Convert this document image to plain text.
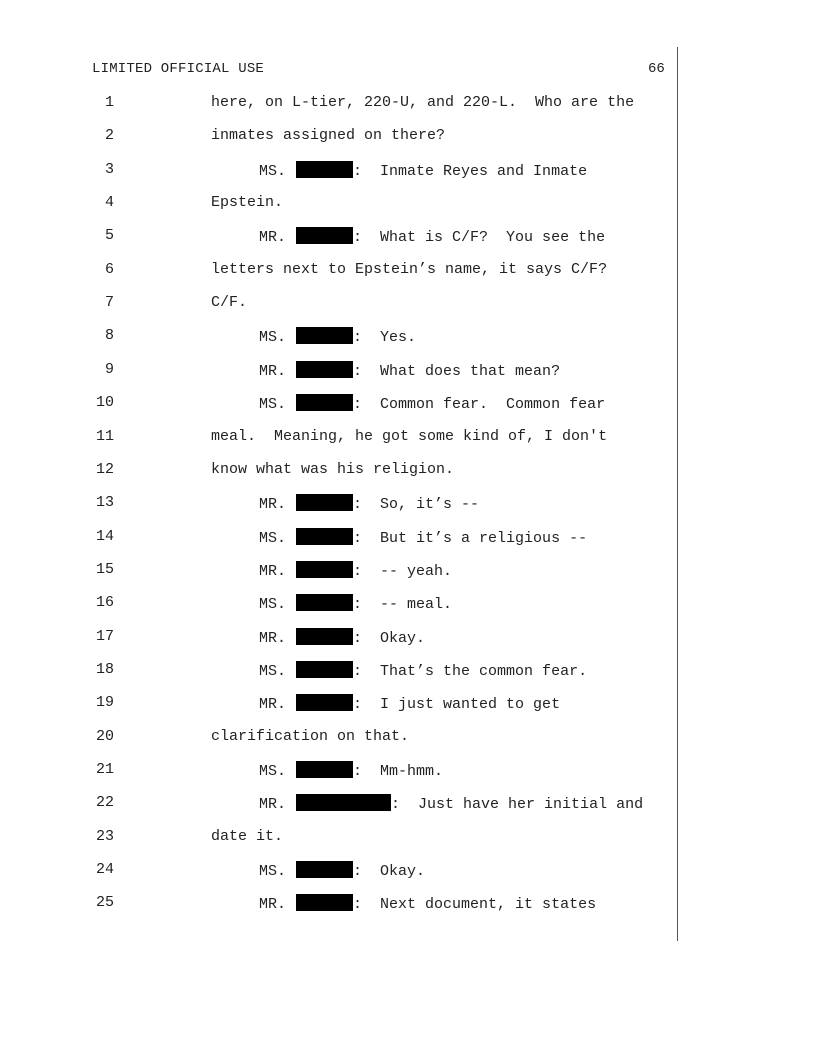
LIMITED OFFICIAL USE	66
1	here, on L-tier, 220-U, and 220-L.  Who are the
2	inmates assigned on there?
3	MS.	:  Inmate Reyes and Inmate
4	Epstein.
5	MR.	:  What is C/F?  You see the
6	letters next to Epstein’s name, it says C/F?
7	C/F.
8	MS.	:  Yes.
9	MR.	:  What does that mean?
10	MS.	:  Common fear.  Common fear
11	meal.  Meaning, he got some kind of, I don't
12	know what was his religion.
13	MR.	:  So, it’s --
14	MS.	:  But it’s a religious --
15	MR.	:  -- yeah.
16	MS.	:  -- meal.
17	MR.	:  Okay.
18	MS.	:  That’s the common fear.
19	MR.	:  I just wanted to get
20	clarification on that.
21	MS.	:  Mm-hmm.
22	MR.	:  Just have her initial and
23	date it.
24	MS.	:  Okay.
25	MR.	:  Next document, it states
